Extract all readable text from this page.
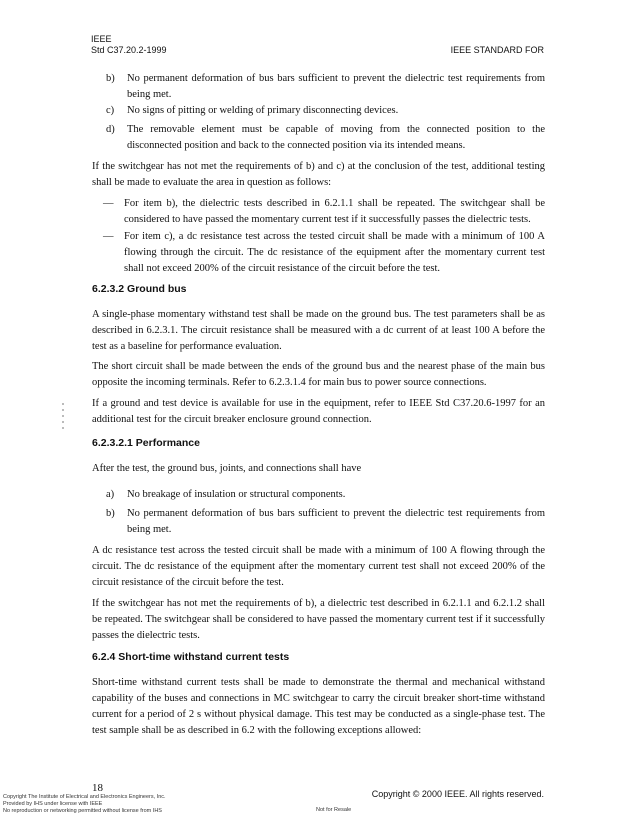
IEEE
Std C37.20.2-1999	IEEE STANDARD FOR
b)	No permanent deformation of bus bars sufficient to prevent the dielectric test requirements from being met.
c)	No signs of pitting or welding of primary disconnecting devices.
d)	The removable element must be capable of moving from the connected position to the disconnected position and back to the connected position via its intended means.

If the switchgear has not met the requirements of b) and c) at the conclusion of the test, additional testing shall be made to evaluate the area in question as follows:

—	For item b), the dielectric tests described in 6.2.1.1 shall be repeated. The switchgear shall be considered to have passed the momentary current test if it successfully passes the dielectric tests.
—	For item c), a dc resistance test across the tested circuit shall be made with a minimum of 100 A flowing through the circuit. The dc resistance of the equipment after the momentary current test shall not exceed 200% of the circuit resistance of the circuit before the test.
6.2.3.2 Ground bus

A single-phase momentary withstand test shall be made on the ground bus. The test parameters shall be as described in 6.2.3.1. The circuit resistance shall be measured with a dc current of at least 100 A before the test as a baseline for performance evaluation.

The short circuit shall be made between the ends of the ground bus and the nearest phase of the main bus opposite the incoming terminals. Refer to 6.2.3.1.4 for main bus to power source connections.

If a ground and test device is available for use in the equipment, refer to IEEE Std C37.20.6-1997 for an additional test for the circuit breaker enclosure ground connection.

6.2.3.2.1 Performance

After the test, the ground bus, joints, and connections shall have

a)	No breakage of insulation or structural components.
b)	No permanent deformation of bus bars sufficient to prevent the dielectric test requirements from being met.

A dc resistance test across the tested circuit shall be made with a minimum of 100 A flowing through the circuit. The dc resistance of the equipment after the momentary current test shall not exceed 200% of the circuit resistance of the circuit before the test.

If the switchgear has not met the requirements of b), a dielectric test described in 6.2.1.1 and 6.2.1.2 shall be repeated. The switchgear shall be considered to have passed the momentary current test if it successfully passes the dielectric tests.

6.2.4 Short-time withstand current tests

Short-time withstand current tests shall be made to demonstrate the thermal and mechanical withstand capability of the buses and connections in MC switchgear to carry the circuit breaker short-time withstand current for a period of 2 s without physical damage. This test may be conducted as a single-phase test. The test sample shall be as described in 6.2 with the following exceptions allowed:

18	Copyright © 2000 IEEE. All rights reserved.
Copyright The Institute of Electrical and Electronics Engineers, Inc.
Provided by IHS under license with IEEE
No reproduction or networking permitted without license from IHS	Not for Resale
